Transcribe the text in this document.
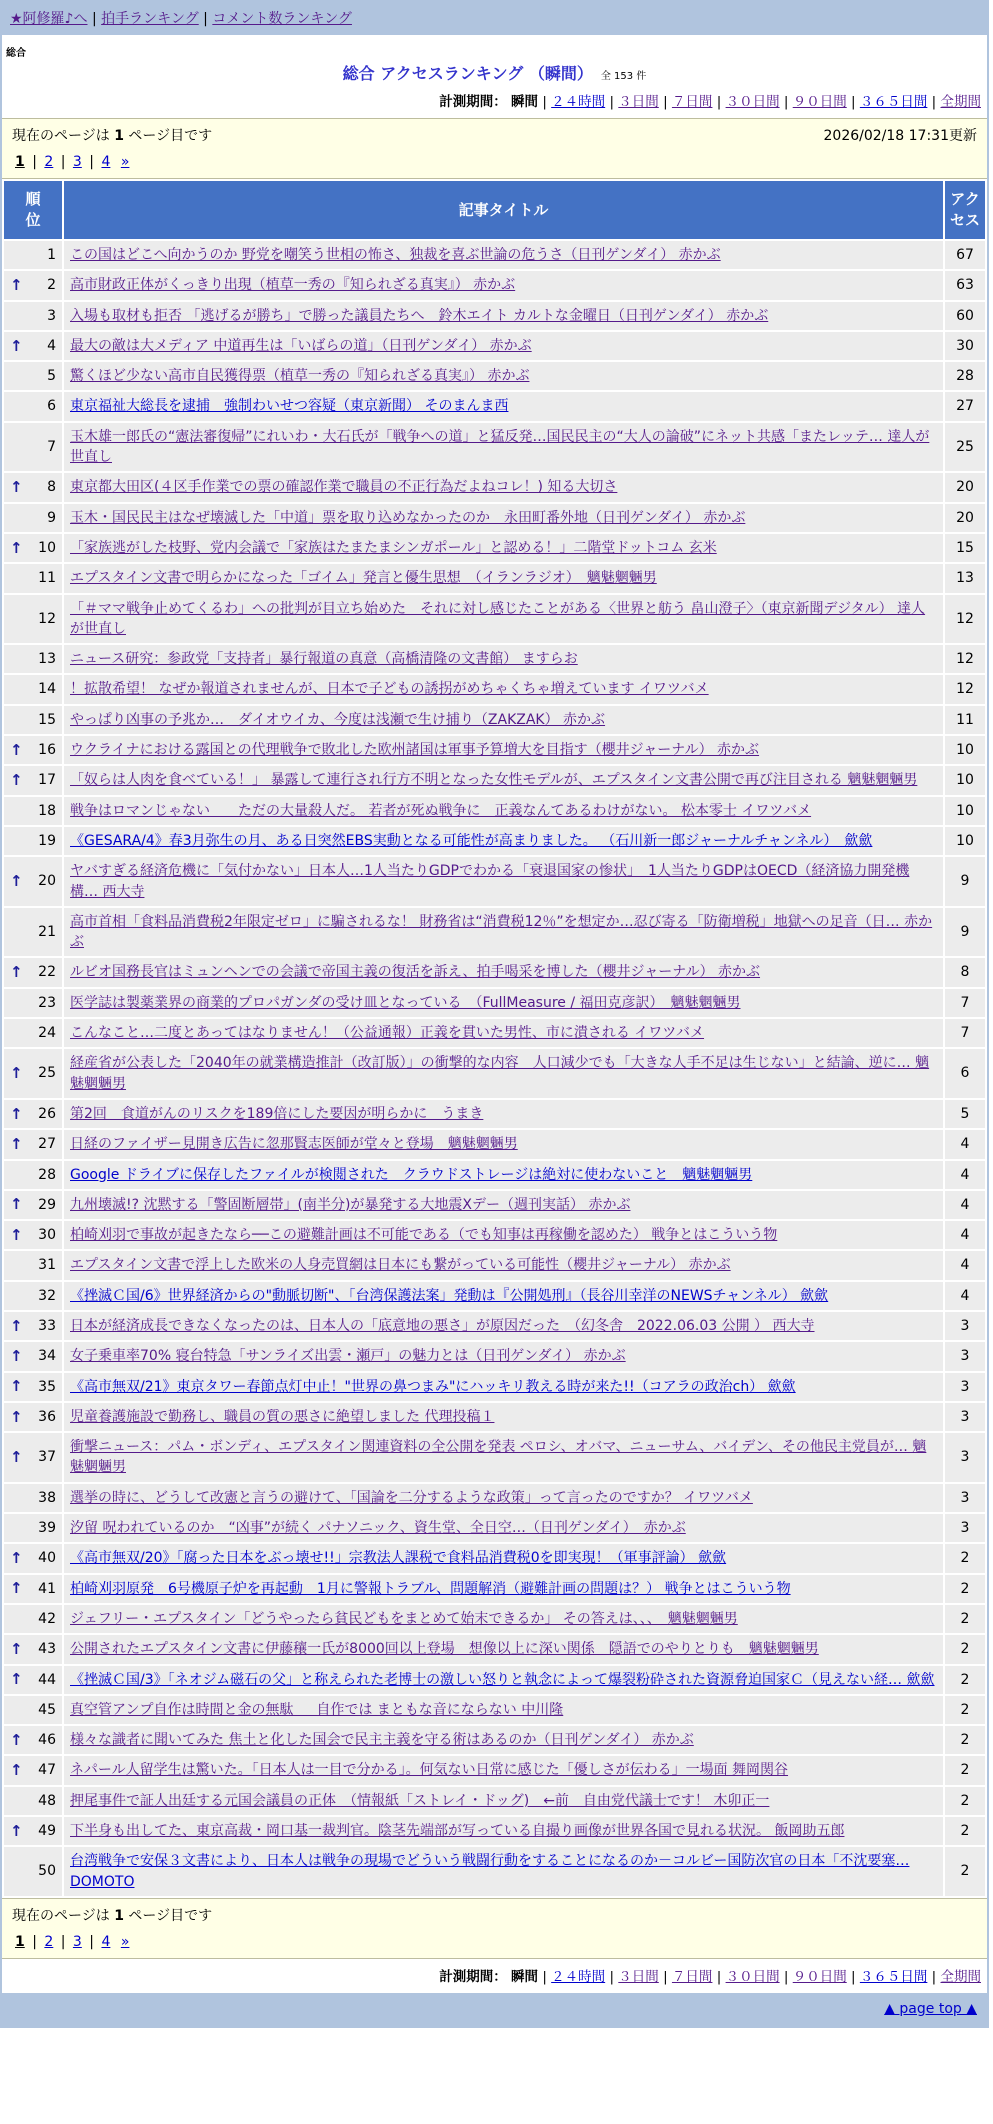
★阿修羅♪へ | 拍手ランキング | コメント数ランキング
総合
総合 アクセスランキング （瞬間） 全 153 件
計測期間： 瞬間 | ２４時間 | ３日間 | ７日間 | ３０日間 | ９０日間 | ３６５日間 | 全期間
現在のページは 1 ページ目です	2026/02/18 17:31更新
1 | 2 | 3 | 4 »
順位	記事タイトル	アクセス

1	この国はどこへ向かうのか 野党を嘲笑う世相の怖さ、独裁を喜ぶ世論の危うさ（日刊ゲンダイ） 赤かぶ	67

↑ 2	高市財政正体がくっきり出現（植草一秀の『知られざる真実』） 赤かぶ	63

3	入場も取材も拒否 「逃げるが勝ち」で勝った議員たちへ　鈴木エイト カルトな金曜日（日刊ゲンダイ） 赤かぶ	60

↑ 4	最大の敵は大メディア 中道再生は「いばらの道」（日刊ゲンダイ） 赤かぶ	30

5	驚くほど少ない高市自民獲得票（植草一秀の『知られざる真実』） 赤かぶ	28

6	東京福祉大総長を逮捕　強制わいせつ容疑（東京新聞） そのまんま西	27

7	玉木雄一郎氏の“憲法審復帰”にれいわ・大石氏が「戦争への道」と猛反発…国民民主の“大人の論破”にネット共感「またレッテ… 達人が世直し	25

↑ 8	東京都大田区(４区手作業での票の確認作業で職員の不正行為だよねコレ！) 知る大切さ	20

9	玉木・国民民主はなぜ壊滅した「中道」票を取り込めなかったのか　永田町番外地（日刊ゲンダイ） 赤かぶ	20

↑ 10	「家族逃がした枝野、党内会議で「家族はたまたまシンガポール」と認める！」二階堂ドットコム 玄米	15

11	エプスタイン文書で明らかになった「ゴイム」発言と優生思想　（イランラジオ）　魑魅魍魎男	13

12	「＃ママ戦争止めてくるわ」への批判が目立ち始めた　それに対し感じたことがある〈世界と舫う 畠山澄子〉（東京新聞デジタル） 達人が世直し	12

13	ニュース研究：参政党「支持者」暴行報道の真意（高橋清隆の文書館） ますらお	12

14	！拡散希望！ なぜか報道されませんが、日本で子どもの誘拐がめちゃくちゃ増えています イワツバメ	12

15	やっぱり凶事の予兆か…　ダイオウイカ、今度は浅瀬で生け捕り（ZAKZAK） 赤かぶ	11

↑ 16	ウクライナにおける露国との代理戦争で敗北した欧州諸国は軍事予算増大を目指す（櫻井ジャーナル） 赤かぶ	10

↑ 17	「奴らは人肉を食べている！」 暴露して連行され行方不明となった女性モデルが、エプスタイン文書公開で再び注目される 魑魅魍魎男	10

18	戦争はロマンじゃない　　ただの大量殺人だ。 若者が死ぬ戦争に　正義なんてあるわけがない。 松本零士 イワツバメ	10

19	《GESARA/4》春3月弥生の月、ある日突然EBS実動となる可能性が高まりました。 （石川新一郎ジャーナルチャンネル）　歛歛	10

↑ 20	ヤバすぎる経済危機に「気付かない」日本人…1人当たりGDPでわかる「衰退国家の惨状」　1人当たりGDPはOECD（経済協力開発機構… 西大寺	9

21	高市首相「食料品消費税2年限定ゼロ」に騙されるな！ 財務省は“消費税12％”を想定か…忍び寄る「防衛増税」地獄への足音（日… 赤かぶ	9

↑ 22	ルビオ国務長官はミュンヘンでの会議で帝国主義の復活を訴え、拍手喝采を博した（櫻井ジャーナル） 赤かぶ	8

23	医学誌は製薬業界の商業的プロパガンダの受け皿となっている　（FullMeasure / 福田克彦訳）　魑魅魍魎男	7

24	こんなこと…二度とあってはなりません！（公益通報）正義を貫いた男性、市に潰される イワツバメ	7

↑ 25	経産省が公表した「2040年の就業構造推計（改訂版）」の衝撃的な内容　人口減少でも「大きな人手不足は生じない」と結論、逆に… 魑魅魍魎男	6

↑ 26	第2回　食道がんのリスクを189倍にした要因が明らかに　うまき	5

↑ 27	日経のファイザー見開き広告に忽那賢志医師が堂々と登場　魑魅魍魎男	4

28	Google ドライブに保存したファイルが検閲された　クラウドストレージは絶対に使わないこと　魑魅魍魎男	4

↑ 29	九州壊滅!? 沈黙する「警固断層帯」(南半分)が暴発する大地震Xデー（週刊実話） 赤かぶ	4

↑ 30	柏崎刈羽で事故が起きたなら──この避難計画は不可能である（でも知事は再稼働を認めた） 戦争とはこういう物	4

31	エプスタイン文書で浮上した欧米の人身売買網は日本にも繋がっている可能性（櫻井ジャーナル） 赤かぶ	4

32	《挫滅Ｃ国/6》世界経済からの"動脈切断"、「台湾保護法案」発動は『公開処刑』（長谷川幸洋のNEWSチャンネル） 歛歛	4

↑ 33	日本が経済成長できなくなったのは、日本人の「底意地の悪さ」が原因だった　（幻冬舎　2022.06.03 公開 ） 西大寺	3

↑ 34	女子乗車率70% 寝台特急「サンライズ出雲・瀬戸」の魅力とは（日刊ゲンダイ） 赤かぶ	3

↑ 35	《高市無双/21》東京タワー春節点灯中止！"世界の鼻つまみ"にハッキリ教える時が来た!!（コアラの政治ch） 歛歛	3

↑ 36	児童養護施設で勤務し、職員の質の悪さに絶望しました 代理投稿１	3

↑ 37	衝撃ニュース：パム・ボンディ、エプスタイン関連資料の全公開を発表 ペロシ、オバマ、ニューサム、バイデン、その他民主党員が… 魑魅魍魎男	3

38	選挙の時に、どうして改憲と言うの避けて、「国論を二分するような政策」って言ったのですか？ イワツバメ	3

39	汐留 呪われているのか　“凶事”が続く パナソニック、資生堂、全日空…（日刊ゲンダイ）　赤かぶ	3

↑ 40	《高市無双/20》「腐った日本をぶっ壊せ!!」宗教法人課税で食料品消費税0を即実現！（軍事評論） 歛歛	2

↑ 41	柏崎刈羽原発　6号機原子炉を再起動　1月に警報トラブル、問題解消（避難計画の問題は？） 戦争とはこういう物	2

42	ジェフリー・エプスタイン「どうやったら貧民どもをまとめて始末できるか」 その答えは、、、　魑魅魍魎男	2

↑ 43	公開されたエプスタイン文書に伊藤穰一氏が8000回以上登場　想像以上に深い関係　隠語でのやりとりも　魑魅魍魎男	2

↑ 44	《挫滅Ｃ国/3》「ネオジム磁石の父」と称えられた老博士の激しい怒りと執念によって爆裂粉砕された資源脅迫国家Ｃ（見えない経… 歛歛	2

45	真空管アンプ自作は時間と金の無駄 ＿ 自作では まともな音にならない 中川隆	2

↑ 46	様々な識者に聞いてみた 焦土と化した国会で民主主義を守る術はあるのか（日刊ゲンダイ） 赤かぶ	2

↑ 47	ネパール人留学生は驚いた。「日本人は一目で分かる」。何気ない日常に感じた「優しさが伝わる」一場面 舞岡関谷	2

48	押尾事件で証人出廷する元国会議員の正体　（情報紙「ストレイ・ドッグ)　←前　自由党代議士です！ 木卯正一	2

↑ 49	下半身も出してた、東京高裁・岡口基一裁判官。陰茎先端部が写っている自撮り画像が世界各国で見れる状況。 飯岡助五郎	2

50	台湾戦争で安保３文書により、日本人は戦争の現場でどういう戦闘行動をすることになるのか－コルビー国防次官の日本「不沈要塞… DOMOTO	2
現在のページは 1 ページ目です
1 | 2 | 3 | 4 »
計測期間： 瞬間 | ２４時間 | ３日間 | ７日間 | ３０日間 | ９０日間 | ３６５日間 | 全期間
▲ page top ▲
